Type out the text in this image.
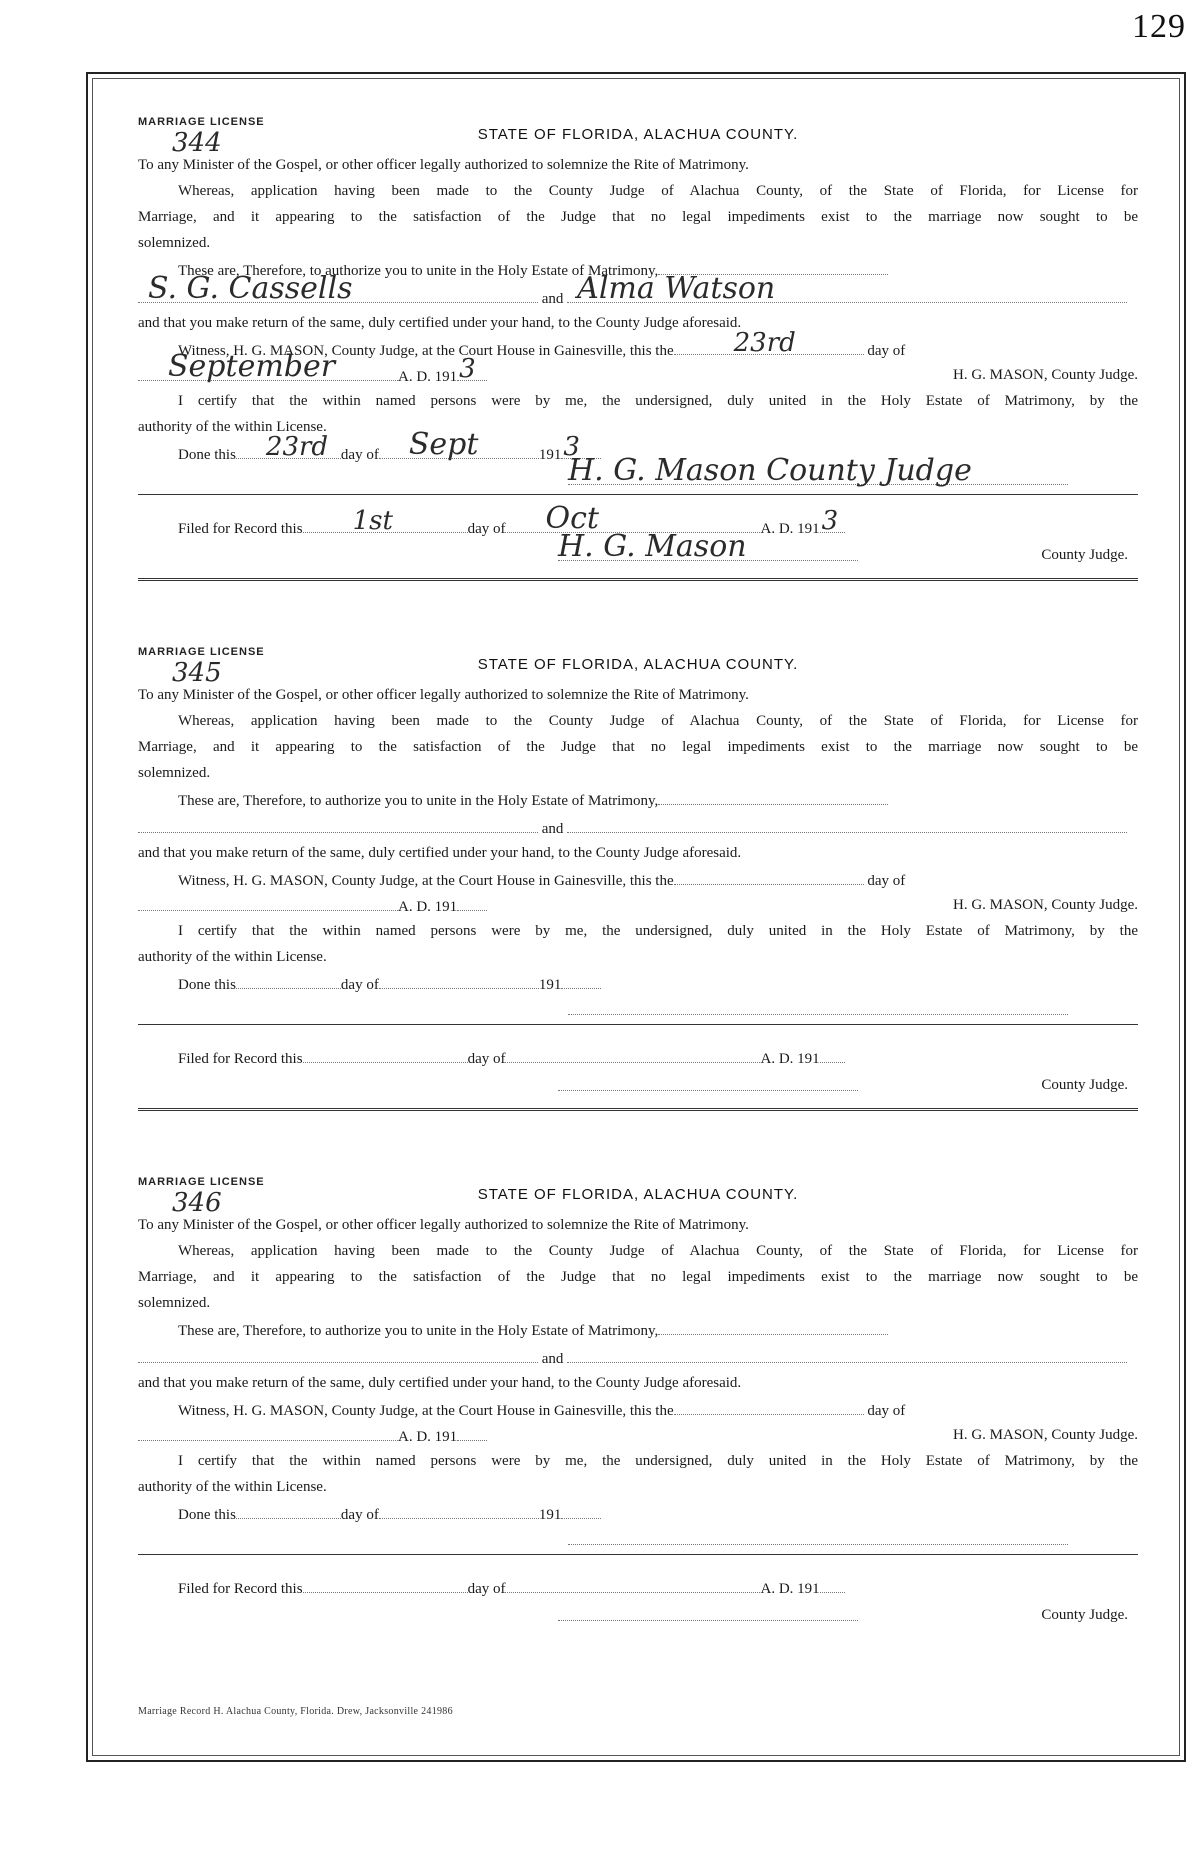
129
MARRIAGE LICENSE
344	STATE OF FLORIDA, ALACHUA COUNTY.
To any Minister of the Gospel, or other officer legally authorized to solemnize the Rite of Matrimony.
Whereas, application having been made to the County Judge of Alachua County, of the State of Florida, for License for
Marriage, and it appearing to the satisfaction of the Judge that no legal impediments exist to the marriage now sought to be
solemnized.
These are, Therefore, to authorize you to unite in the Holy Estate of Matrimony,
S. G. Cassells	and Alma Watson
and that you make return of the same, duly certified under your hand, to the County Judge aforesaid.
Witness, H. G. MASON, County Judge, at the Court House in Gainesville, this the 23rd	day of
September	A. D. 191 3	H. G. MASON, County Judge.
I certify that the within named persons were by me, the undersigned, duly united in the Holy Estate of Matrimony, by the
authority of the within License.
Done this 23rd day of Sept	191 3
H. G. Mason County Judge
Filed for Record this 1st	day of Oct	A. D. 191 3
H. G. Mason	County Judge.
MARRIAGE LICENSE
345	STATE OF FLORIDA, ALACHUA COUNTY.
To any Minister of the Gospel, or other officer legally authorized to solemnize the Rite of Matrimony.
Whereas, application having been made to the County Judge of Alachua County, of the State of Florida, for License for
Marriage, and it appearing to the satisfaction of the Judge that no legal impediments exist to the marriage now sought to be
solemnized.
These are, Therefore, to authorize you to unite in the Holy Estate of Matrimony,
and
and that you make return of the same, duly certified under your hand, to the County Judge aforesaid.
Witness, H. G. MASON, County Judge, at the Court House in Gainesville, this the	day of
A. D. 191	H. G. MASON, County Judge.
I certify that the within named persons were by me, the undersigned, duly united in the Holy Estate of Matrimony, by the
authority of the within License.
Done this	day of	191
Filed for Record this	day of	A. D. 191
County Judge.
MARRIAGE LICENSE
346	STATE OF FLORIDA, ALACHUA COUNTY.
To any Minister of the Gospel, or other officer legally authorized to solemnize the Rite of Matrimony.
Whereas, application having been made to the County Judge of Alachua County, of the State of Florida, for License for
Marriage, and it appearing to the satisfaction of the Judge that no legal impediments exist to the marriage now sought to be
solemnized.
These are, Therefore, to authorize you to unite in the Holy Estate of Matrimony,
and
and that you make return of the same, duly certified under your hand, to the County Judge aforesaid.
Witness, H. G. MASON, County Judge, at the Court House in Gainesville, this the	day of
A. D. 191	H. G. MASON, County Judge.
I certify that the within named persons were by me, the undersigned, duly united in the Holy Estate of Matrimony, by the
authority of the within License.
Done this	day of	191
Filed for Record this	day of	A. D. 191
County Judge.
Marriage Record H. Alachua County, Florida. Drew, Jacksonville 241986
